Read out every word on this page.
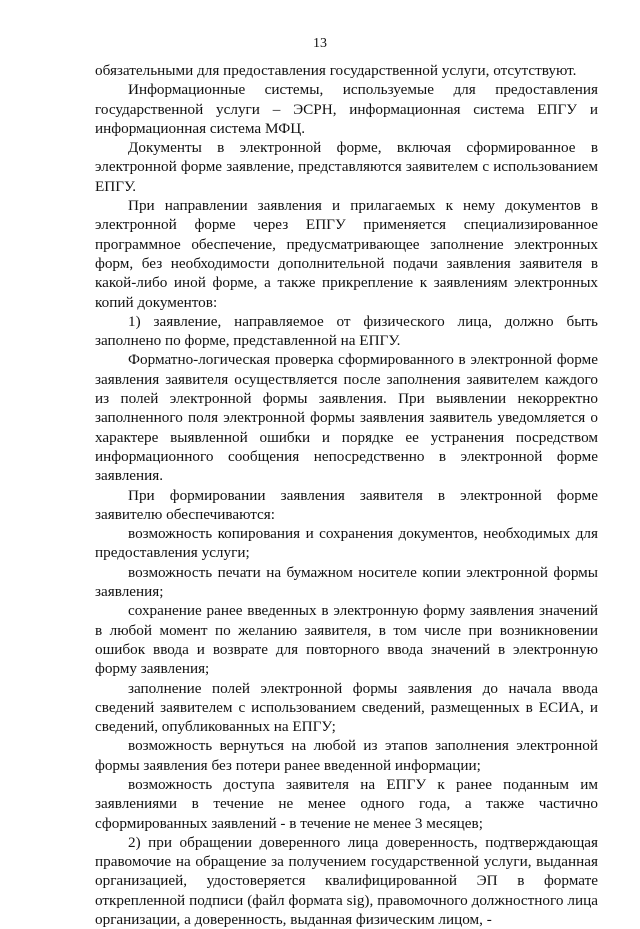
13

обязательными для предоставления государственной услуги, отсутствуют.

Информационные системы, используемые для предоставления государственной услуги – ЭСРН, информационная система ЕПГУ и информационная система МФЦ.

Документы в электронной форме, включая сформированное в электронной форме заявление, представляются заявителем с использованием ЕПГУ.

При направлении заявления и прилагаемых к нему документов в электронной форме через ЕПГУ применяется специализированное программное обеспечение, предусматривающее заполнение электронных форм, без необходимости дополнительной подачи заявления заявителя в какой-либо иной форме, а также прикрепление к заявлениям электронных копий документов:

1) заявление, направляемое от физического лица, должно быть заполнено по форме, представленной на ЕПГУ.

Форматно-логическая проверка сформированного в электронной форме заявления заявителя осуществляется после заполнения заявителем каждого из полей электронной формы заявления. При выявлении некорректно заполненного поля электронной формы заявления заявитель уведомляется о характере выявленной ошибки и порядке ее устранения посредством информационного сообщения непосредственно в электронной форме заявления.

При формировании заявления заявителя в электронной форме заявителю обеспечиваются:

возможность копирования и сохранения документов, необходимых для предоставления услуги;

возможность печати на бумажном носителе копии электронной формы заявления;

сохранение ранее введенных в электронную форму заявления значений в любой момент по желанию заявителя, в том числе при возникновении ошибок ввода и возврате для повторного ввода значений в электронную форму заявления;

заполнение полей электронной формы заявления до начала ввода сведений заявителем с использованием сведений, размещенных в ЕСИА, и сведений, опубликованных на ЕПГУ;

возможность вернуться на любой из этапов заполнения электронной формы заявления без потери ранее введенной информации;

возможность доступа заявителя на ЕПГУ к ранее поданным им заявлениями в течение не менее одного года, а также частично сформированных заявлений - в течение не менее 3 месяцев;

2) при обращении доверенного лица доверенность, подтверждающая правомочие на обращение за получением государственной услуги, выданная организацией, удостоверяется квалифицированной ЭП в формате открепленной подписи (файл формата sig), правомочного должностного лица организации, а доверенность, выданная физическим лицом, -
